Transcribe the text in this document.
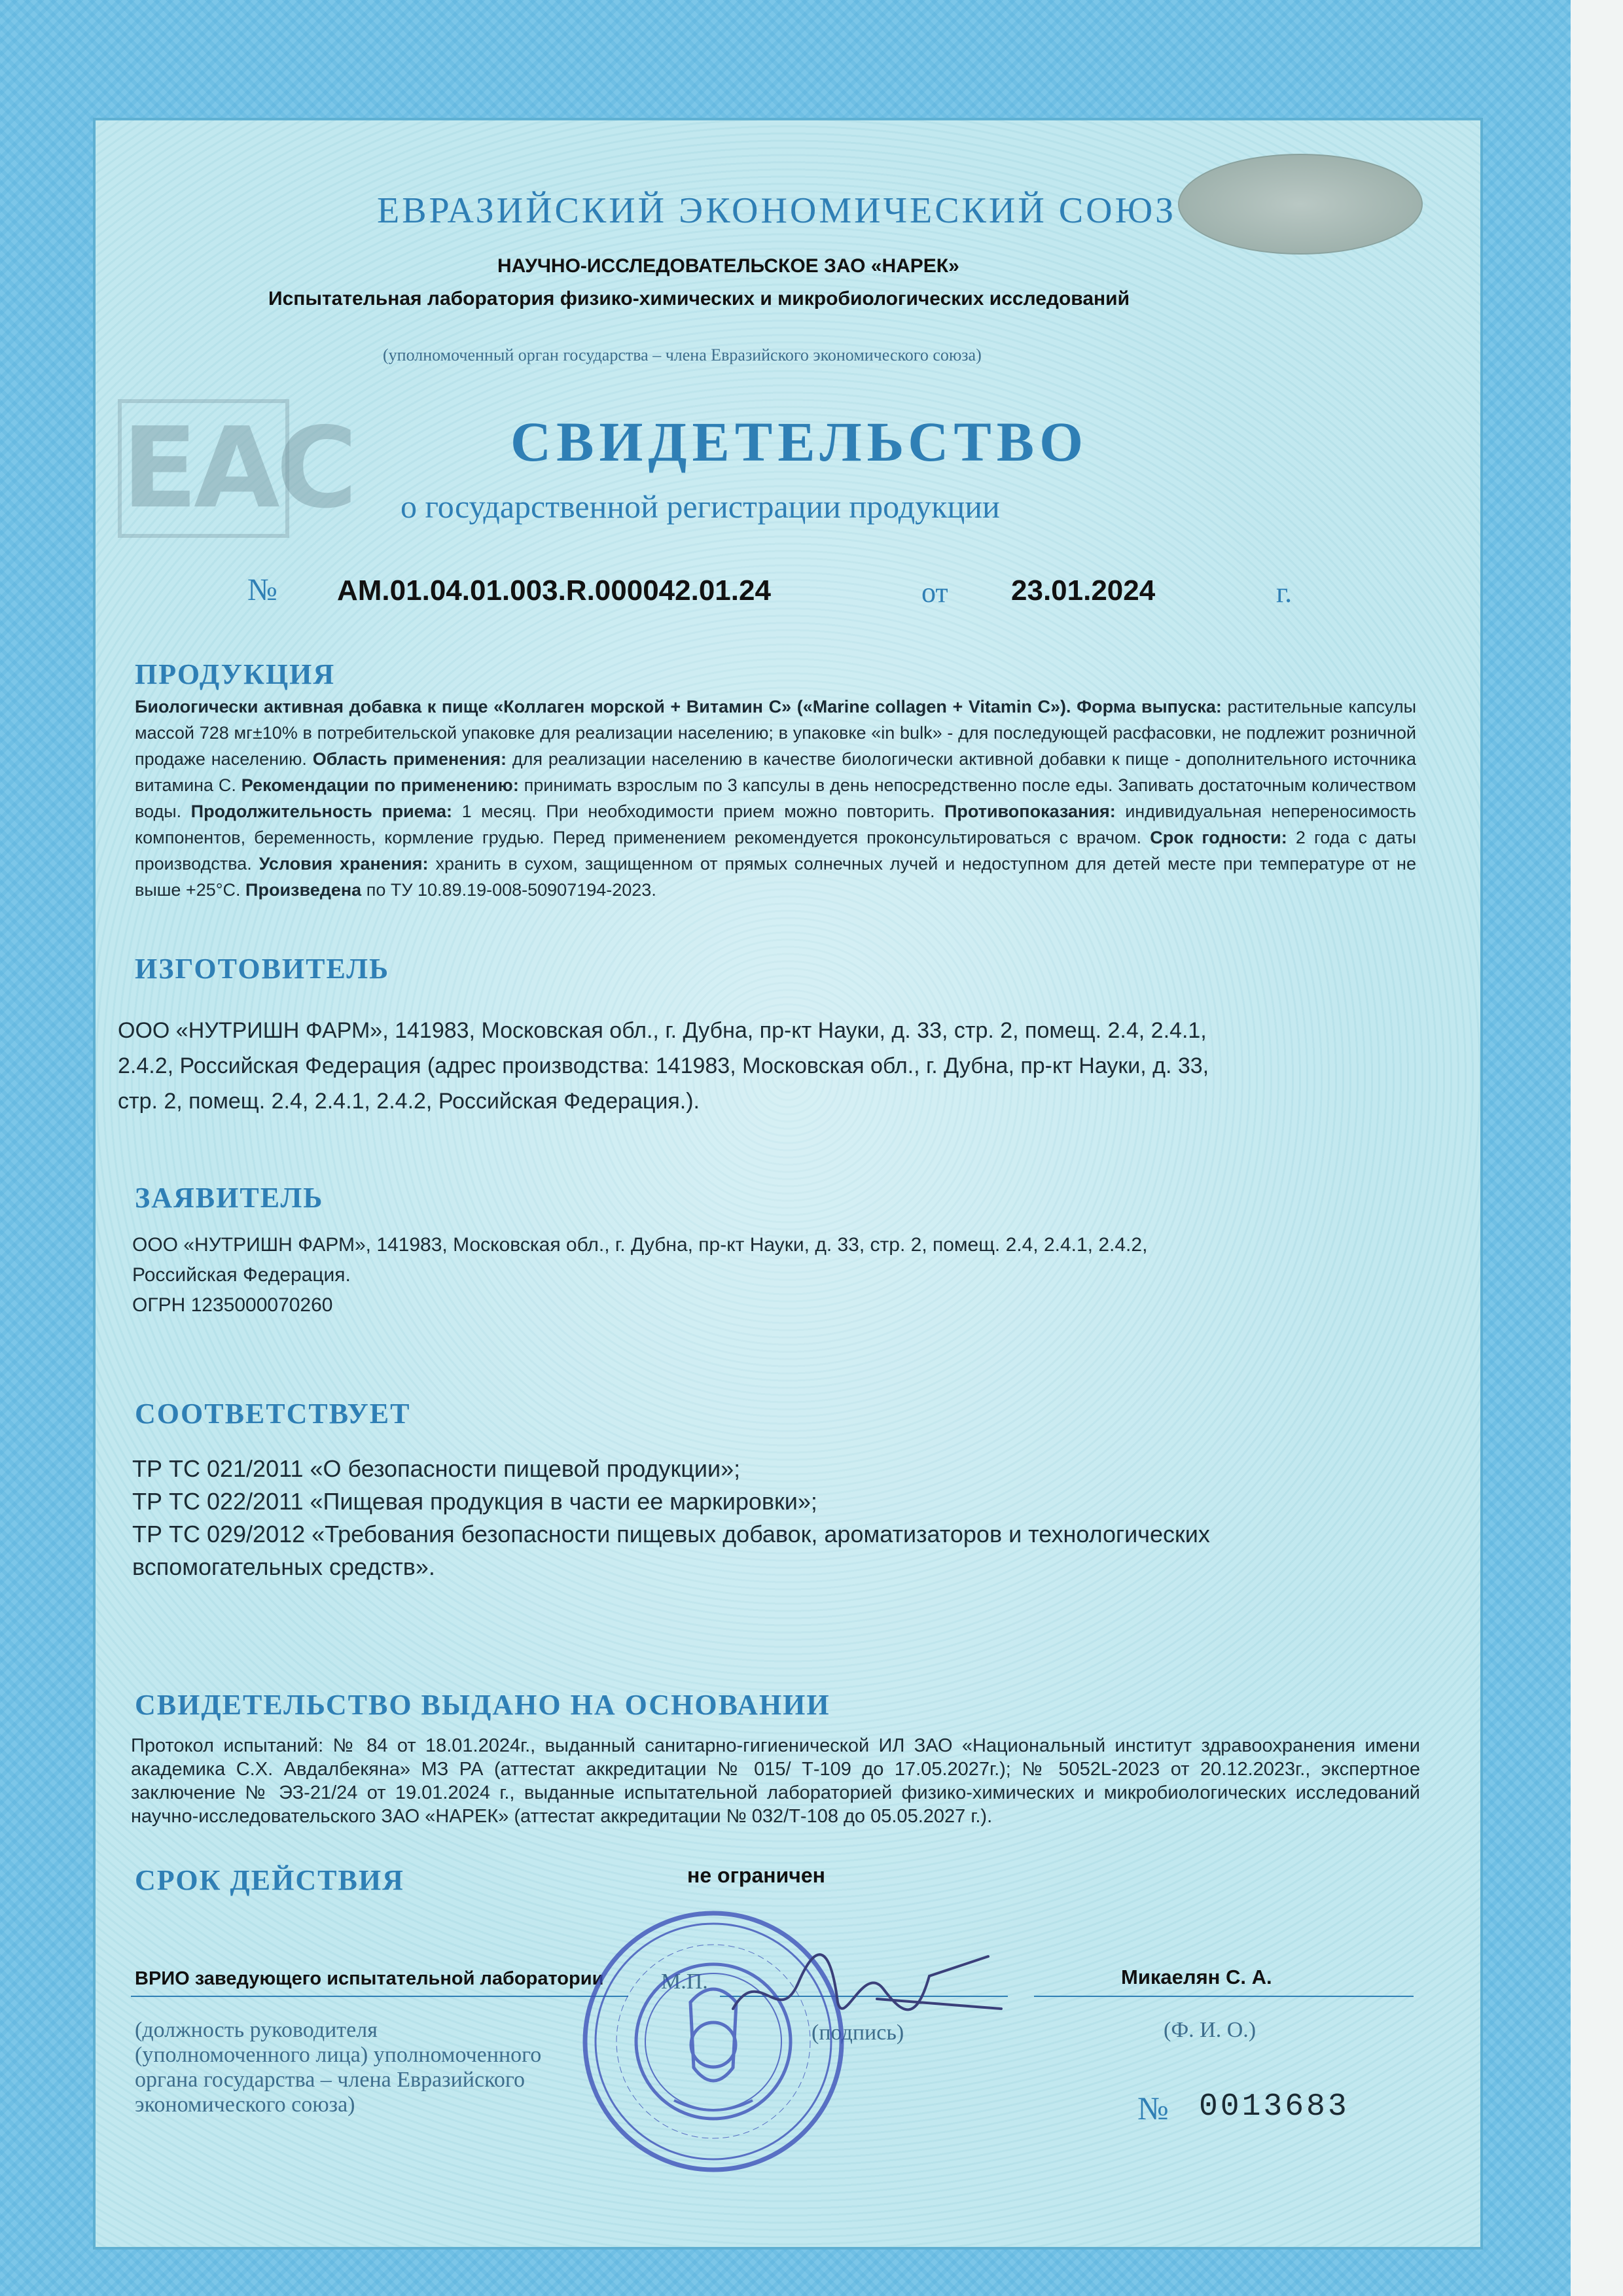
ЕАС
ЕВРАЗИЙСКИЙ ЭКОНОМИЧЕСКИЙ СОЮЗ
НАУЧНО-ИССЛЕДОВАТЕЛЬСКОЕ ЗАО «НАРЕК»
Испытательная лаборатория физико-химических и микробиологических исследований
(уполномоченный орган государства – члена Евразийского экономического союза)
СВИДЕТЕЛЬСТВО
о государственной регистрации продукции
№ AM.01.04.01.003.R.000042.01.24	от 23.01.2024	г.
ПРОДУКЦИЯ
Биологически активная добавка к пище «Коллаген морской + Витамин С» («Marine collagen + Vitamin C»). Форма выпуска: растительные капсулы массой 728 мг±10% в потребительской упаковке для реализации населению; в упаковке «in bulk» - для последующей расфасовки, не подлежит розничной продаже населению. Область применения: для реализации населению в качестве биологически активной добавки к пище - дополнительного источника витамина С. Рекомендации по применению: принимать взрослым по 3 капсулы в день непосредственно после еды. Запивать достаточным количеством воды. Продолжительность приема: 1 месяц. При необходимости прием можно повторить. Противопоказания: индивидуальная непереносимость компонентов, беременность, кормление грудью. Перед применением рекомендуется проконсультироваться с врачом. Срок годности: 2 года с даты производства. Условия хранения: хранить в сухом, защищенном от прямых солнечных лучей и недоступном для детей месте при температуре от не выше +25°С. Произведена по ТУ 10.89.19-008-50907194-2023.
ИЗГОТОВИТЕЛЬ
ООО «НУТРИШН ФАРМ», 141983, Московская обл., г. Дубна, пр-кт Науки, д. 33, стр. 2, помещ. 2.4, 2.4.1,
2.4.2, Российская Федерация (адрес производства: 141983, Московская обл., г. Дубна, пр-кт Науки, д. 33,
стр. 2, помещ. 2.4, 2.4.1, 2.4.2, Российская Федерация.).
ЗАЯВИТЕЛЬ
ООО «НУТРИШН ФАРМ», 141983, Московская обл., г. Дубна, пр-кт Науки, д. 33, стр. 2, помещ. 2.4, 2.4.1, 2.4.2,
Российская Федерация.
ОГРН 1235000070260
СООТВЕТСТВУЕТ
ТР ТС 021/2011 «О безопасности пищевой продукции»;
ТР ТС 022/2011 «Пищевая продукция в части ее маркировки»;
ТР ТС 029/2012 «Требования безопасности пищевых добавок, ароматизаторов и технологических
вспомогательных средств».
СВИДЕТЕЛЬСТВО ВЫДАНО НА ОСНОВАНИИ
Протокол испытаний: № 84 от 18.01.2024г., выданный санитарно-гигиенической ИЛ ЗАО «Национальный институт здравоохранения имени академика С.Х. Авдалбекяна» МЗ РА (аттестат аккредитации № 015/ Т-109 до 17.05.2027г.); № 5052L-2023 от 20.12.2023г., экспертное заключение № ЭЗ-21/24 от 19.01.2024 г., выданные испытательной лабораторией физико-химических и микробиологических исследований научно-исследовательского ЗАО «НАРЕК» (аттестат аккредитации № 032/Т-108 до 05.05.2027 г.).
СРОК ДЕЙСТВИЯ	не ограничен
ВРИО заведующего испытательной лаборатории	М.П.	Микаелян С. А.
(должность руководителя
(уполномоченного лица) уполномоченного
органа государства – члена Евразийского
экономического союза)
(подпись)	(Ф. И. О.)
№ 0013683
